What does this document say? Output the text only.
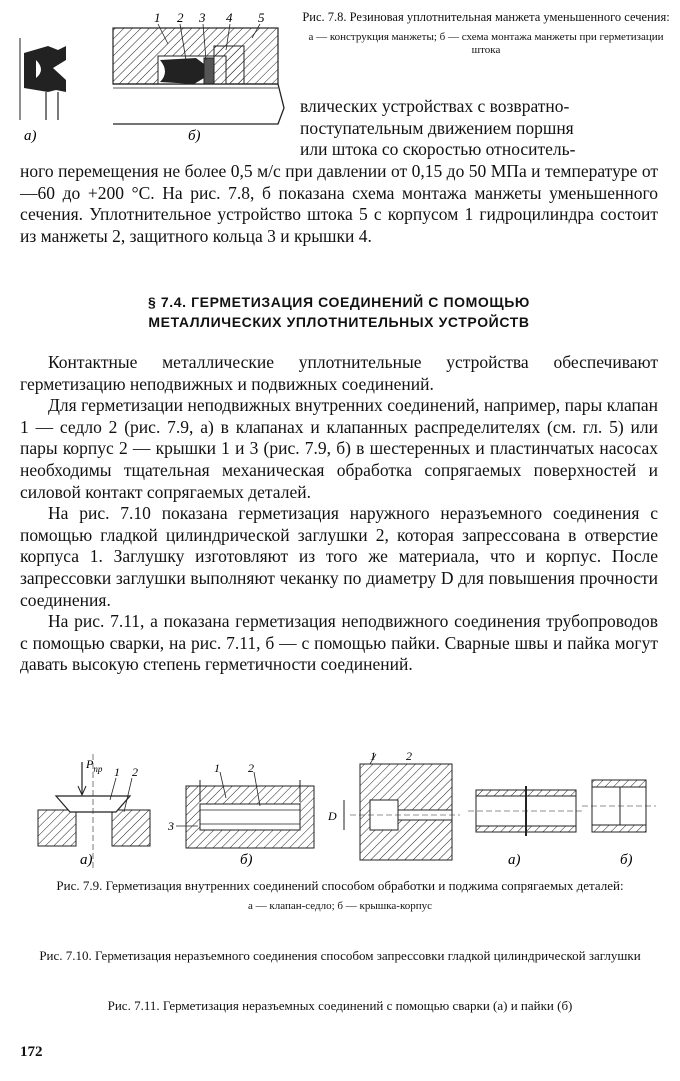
1 2 3 4 5
а)	б)
Рис. 7.8. Резиновая уплотнительная манжета уменьшенного сечения:
а — конструкция манжеты; б — схема монтажа манжеты при герметизации штока
влических устройствах с возвратно-
поступательным движением поршня
или штока со скоростью относитель-

ного перемещения не более 0,5 м/с при давлении от 0,15 до 50 МПа и температуре от —60 до +200 °С. На рис. 7.8, б показана схема монтажа манжеты уменьшенного сечения. Уплотнительное устройство штока 5 с корпусом 1 гидроцилиндра состоит из манжеты 2, защитного кольца 3 и крышки 4.

§ 7.4. ГЕРМЕТИЗАЦИЯ СОЕДИНЕНИЙ С ПОМОЩЬЮ
МЕТАЛЛИЧЕСКИХ УПЛОТНИТЕЛЬНЫХ УСТРОЙСТВ

Контактные металлические уплотнительные устройства обеспечивают герметизацию неподвижных и подвижных соединений.

Для герметизации неподвижных внутренних соединений, например, пары клапан 1 — седло 2 (рис. 7.9, а) в клапанах и клапанных распределителях (см. гл. 5) или пары корпус 2 — крышки 1 и 3 (рис. 7.9, б) в шестеренных и пластинчатых насосах необходимы тщательная механическая обработка сопрягаемых поверхностей и силовой контакт сопрягаемых деталей.

На рис. 7.10 показана герметизация наружного неразъемного соединения с помощью гладкой цилиндрической заглушки 2, которая запрессована в отверстие корпуса 1. Заглушку изготовляют из того же материала, что и корпус. После запрессовки заглушки выполняют чеканку по диаметру D для повышения прочности соединения.

На рис. 7.11, а показана герметизация неподвижного соединения трубопроводов с помощью сварки, на рис. 7.11, б — с помощью пайки. Сварные швы и пайка могут давать высокую степень герметичности соединений.

$P_{пр}$ 1 2
а)
1 2
3
б)
D
1	2
а)	б)
Рис. 7.9. Герметизация внутренних соединений способом обработки и поджима сопрягаемых деталей:
а — клапан-седло; б — крышка-корпус
Рис. 7.10. Герметизация неразъемного соединения способом запрессовки гладкой цилиндрической заглушки
Рис. 7.11. Герметизация неразъемных соединений с помощью сварки (а) и пайки (б)
172
